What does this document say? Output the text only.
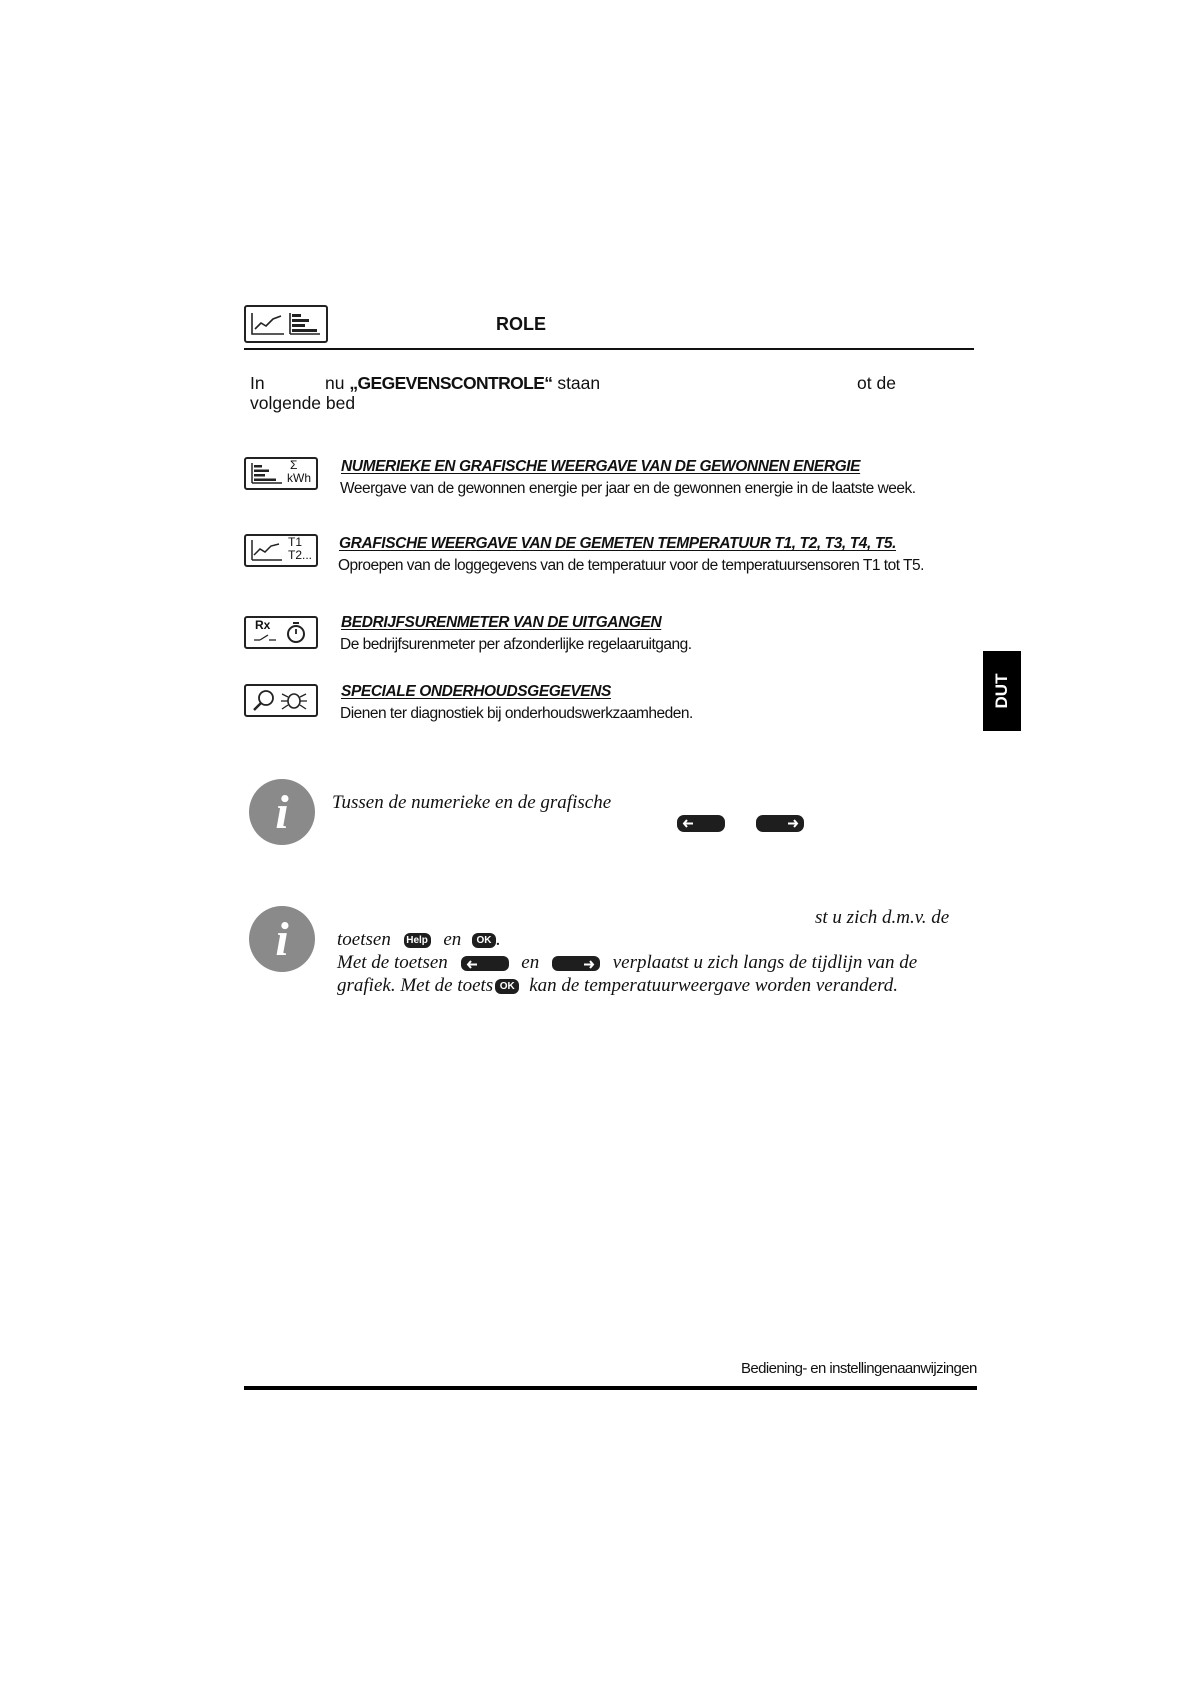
ROLE
In	nu „GEGEVENSCONTROLE“ staan	ot de
volgende bed
Σ
kWh
NUMERIEKE EN GRAFISCHE WEERGAVE VAN DE GEWONNEN ENERGIE
Weergave van de gewonnen energie per jaar en de gewonnen energie in de laatste week.
T1
T2...
GRAFISCHE WEERGAVE VAN DE GEMETEN TEMPERATUUR T1, T2, T3, T4, T5.
Oproepen van de loggegevens van de temperatuur voor de temperatuursensoren T1 tot T5.
Rx	BEDRIJFSURENMETER VAN DE UITGANGEN
De bedrijfsurenmeter per afzonderlijke regelaaruitgang.
SPECIALE ONDERHOUDSGEGEVENS
Dienen ter diagnostiek bij onderhoudswerkzaamheden.
DUT
i	Tussen de numerieke en de grafische
i	st u zich d.m.v. de
toetsen Help en OK .
Met de toetsen	en	verplaatst u zich langs de tijdlijn van de
grafiek. Met de toets OK kan de temperatuurweergave worden veranderd.
Bediening- en instellingenaanwijzingen
